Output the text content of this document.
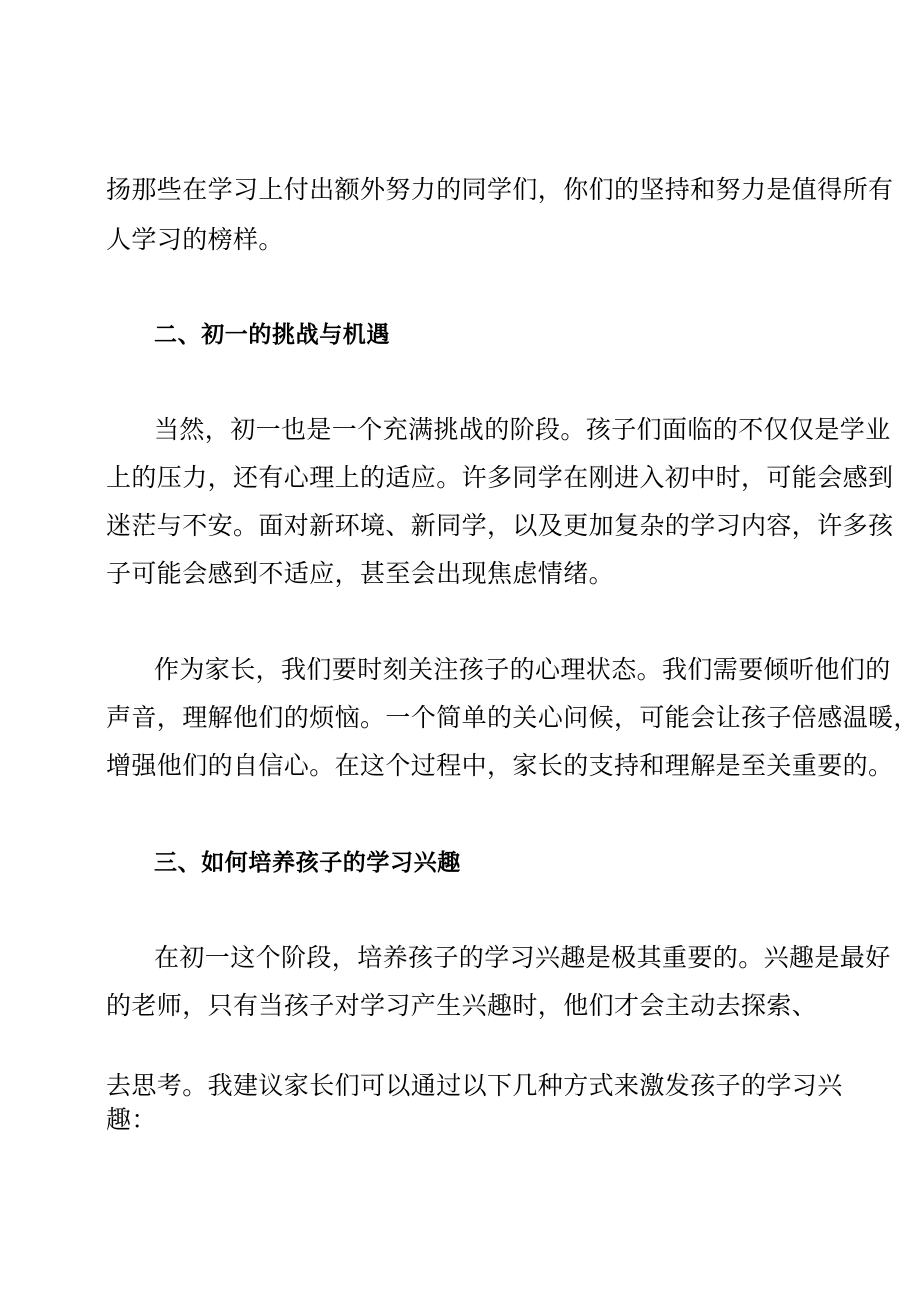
扬那些在学习上付出额外努力的同学们，你们的坚持和努力是值得所有
人学习的榜样。
二、初一的挑战与机遇
当然，初一也是一个充满挑战的阶段。孩子们面临的不仅仅是学业
上的压力，还有心理上的适应。许多同学在刚进入初中时，可能会感到
迷茫与不安。面对新环境、新同学，以及更加复杂的学习内容，许多孩
子可能会感到不适应，甚至会出现焦虑情绪。
作为家长，我们要时刻关注孩子的心理状态。我们需要倾听他们的
声音，理解他们的烦恼。一个简单的关心问候，可能会让孩子倍感温暖，
增强他们的自信心。在这个过程中，家长的支持和理解是至关重要的。
三、如何培养孩子的学习兴趣
在初一这个阶段，培养孩子的学习兴趣是极其重要的。兴趣是最好
的老师，只有当孩子对学习产生兴趣时，他们才会主动去探索、
去思考。我建议家长们可以通过以下几种方式来激发孩子的学习兴
趣：
